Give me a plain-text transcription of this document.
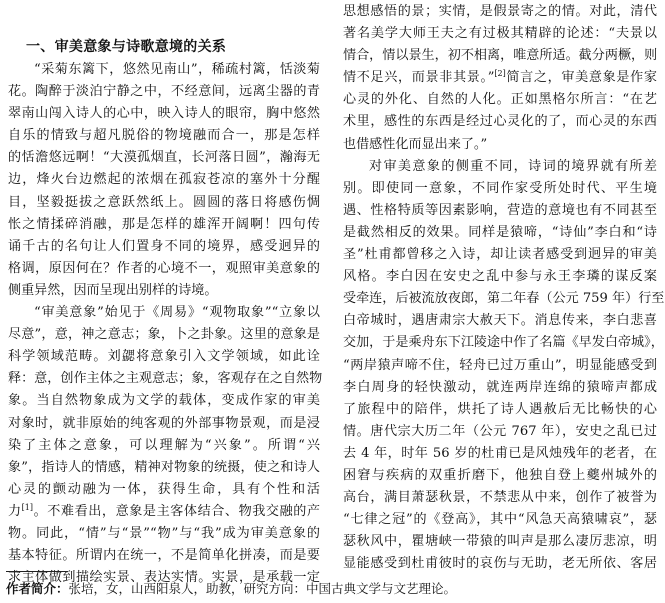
一、审美意象与诗歌意境的关系
“采菊东篱下，悠然见南山”，稀疏村篱，恬淡菊
花。陶醉于淡泊宁静之中，不经意间，远离尘器的青
翠南山闯入诗人的心中，映入诗人的眼帘，胸中悠然
自乐的情致与超凡脱俗的物境融而合一，那是怎样
的恬澹悠远啊！“大漠孤烟直，长河落日圆”，瀚海无
边，烽火台边燃起的浓烟在孤寂苍凉的塞外十分醒
目，坚毅挺拔之意跃然纸上。圆圆的落日将感伤惆
怅之情揉碎消融，那是怎样的雄浑开阔啊！四句传
诵千古的名句让人们置身不同的境界，感受迥异的
格调，原因何在？作者的心境不一，观照审美意象的
侧重异然，因而呈现出别样的诗境。
“审美意象”始见于《周易》“观物取象”“立象以
尽意”，意，神之意志；象，卜之卦象。这里的意象是
科学领域范畴。刘勰将意象引入文学领域，如此诠
释：意，创作主体之主观意志；象，客观存在之自然物
象。当自然物象成为文学的载体，变成作家的审美
对象时，就非原始的纯客观的外部事物景观，而是浸
染了主体之意象，可以理解为“兴象”。所谓“兴
象”，指诗人的情感，精神对物象的统摄，使之和诗人
心灵的颤动融为一体，获得生命，具有个性和活
力[1]。不难看出，意象是主客体结合、物我交融的产
物。同此，“情”与“景”“物”与“我”成为审美意象的
基本特征。所谓内在统一，不是简单化拼凑，而是要
求主体做到描绘实景、表达实情。实景，是承载一定
思想感悟的景；实情，是假景寄之的情。对此，清代
著名美学大师王夫之有过极其精辟的论述：“夫景以
情合，情以景生，初不相离，唯意所适。截分两橛，则
情不足兴，而景非其景。”[2]简言之，审美意象是作家
心灵的外化、自然的人化。正如黑格尔所言：“在艺
术里，感性的东西是经过心灵化的了，而心灵的东西
也借感性化而显出来了。”
对审美意象的侧重不同，诗词的境界就有所差
别。即使同一意象，不同作家受所处时代、平生境
遇、性格特质等因素影响，营造的意境也有不同甚至
是截然相反的效果。同样是猿啼，“诗仙”李白和“诗
圣”杜甫都曾移之入诗，却让读者感受到迥异的审美
风格。李白因在安史之乱中参与永王李璘的谋反案
受牵连，后被流放夜郎，第二年春（公元 759 年）行至
白帝城时，遇唐肃宗大赦天下。消息传来，李白悲喜
交加，于是乘舟东下江陵途中作了名篇《早发白帝城》，
“两岸猿声啼不住，轻舟已过万重山”，明显能感受到
李白周身的轻快激动，就连两岸连绵的猿啼声都成
了旅程中的陪伴，烘托了诗人遇赦后无比畅快的心
情。唐代宗大历二年（公元 767 年），安史之乱已过
去 4 年，时年 56 岁的杜甫已是风烛残年的老者，在
困窘与疾病的双重折磨下，他独自登上夔州城外的
高台，满目萧瑟秋景，不禁悲从中来，创作了被誉为
“七律之冠”的《登高》，其中“风急天高猿啸哀”，瑟
瑟秋风中，瞿塘峡一带猿的叫声是那么凄厉悲凉，明
显能感受到杜甫彼时的哀伤与无助，老无所依、客居
作者简介：张培，女，山西阳泉人，助教，研究方向：中国古典文学与文艺理论。
